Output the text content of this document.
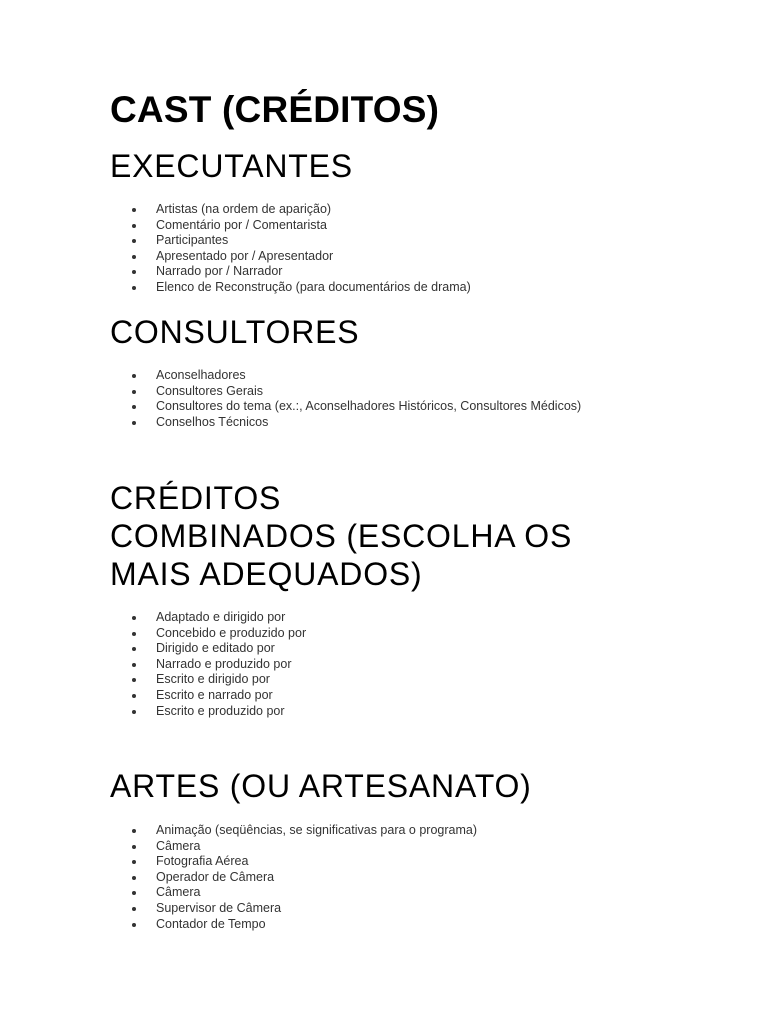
CAST (CRÉDITOS)
EXECUTANTES
Artistas (na ordem de aparição)
Comentário por / Comentarista
Participantes
Apresentado por / Apresentador
Narrado por / Narrador
Elenco de Reconstrução (para documentários de drama)
CONSULTORES
Aconselhadores
Consultores Gerais
Consultores do tema (ex.:, Aconselhadores Históricos, Consultores Médicos)
Conselhos Técnicos
CRÉDITOS
COMBINADOS (ESCOLHA OS
MAIS ADEQUADOS)
Adaptado e dirigido por
Concebido e produzido por
Dirigido e editado por
Narrado e produzido por
Escrito e dirigido por
Escrito e narrado por
Escrito e produzido por
ARTES (OU ARTESANATO)
Animação (seqüências, se significativas para o programa)
Câmera
Fotografia Aérea
Operador de Câmera
Câmera
Supervisor de Câmera
Contador de Tempo
